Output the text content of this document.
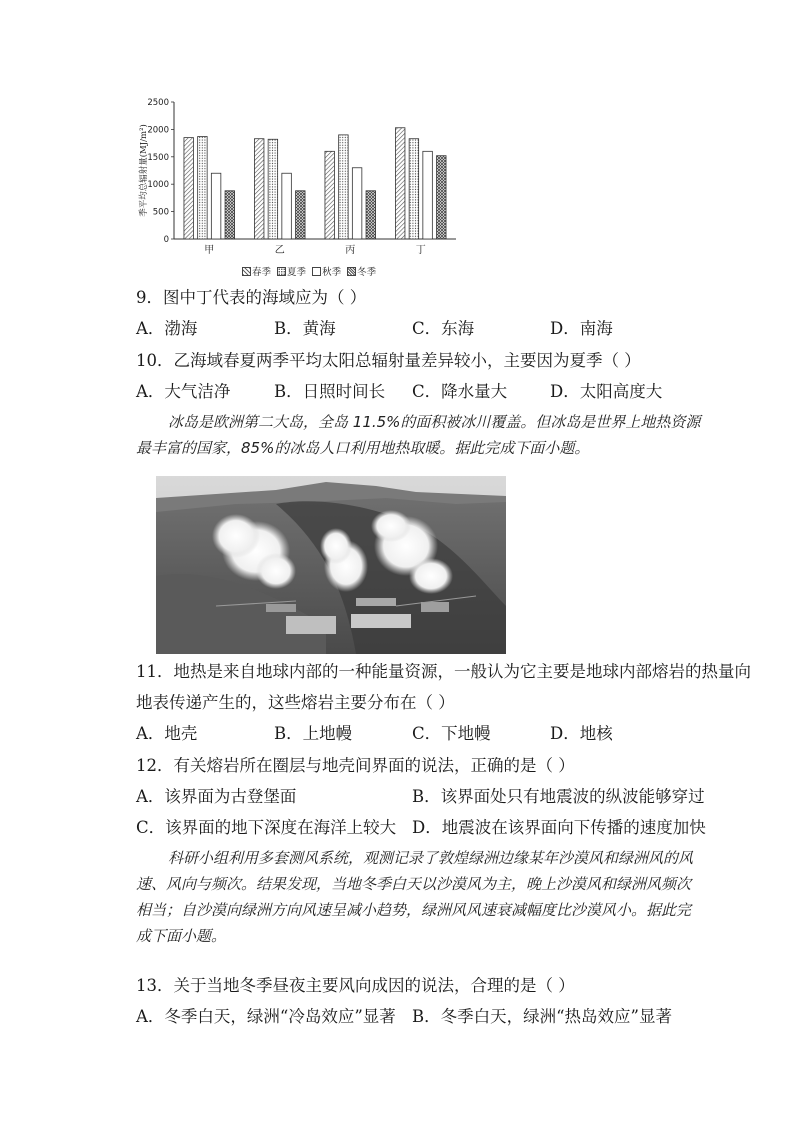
0
500
1000
1500
2000
2500
季平均总辐射量(MJ/m²)
甲	乙	丙	丁
春季 夏季 秋季 冬季
9．图中丁代表的海域应为（ ）
A．渤海	B．黄海	C．东海	D．南海
10．乙海域春夏两季平均太阳总辐射量差异较小，主要因为夏季（ ）
A．大气洁净	B．日照时间长 C．降水量大	D．太阳高度大
冰岛是欧洲第二大岛，全岛 11.5%的面积被冰川覆盖。但冰岛是世界上地热资源
最丰富的国家，85%的冰岛人口利用地热取暖。据此完成下面小题。
11．地热是来自地球内部的一种能量资源，一般认为它主要是地球内部熔岩的热量向
地表传递产生的，这些熔岩主要分布在（ ）
A．地壳	B．上地幔	C．下地幔	D．地核
12．有关熔岩所在圈层与地壳间界面的说法，正确的是（ ）
A．该界面为古登堡面	B．该界面处只有地震波的纵波能够穿过
C．该界面的地下深度在海洋上较大 D．地震波在该界面向下传播的速度加快
科研小组利用多套测风系统，观测记录了敦煌绿洲边缘某年沙漠风和绿洲风的风
速、风向与频次。结果发现，当地冬季白天以沙漠风为主，晚上沙漠风和绿洲风频次
相当；自沙漠向绿洲方向风速呈减小趋势，绿洲风风速衰减幅度比沙漠风小。据此完
成下面小题。
13．关于当地冬季昼夜主要风向成因的说法，合理的是（ ）
A．冬季白天，绿洲“冷岛效应”显著 B．冬季白天，绿洲“热岛效应”显著
